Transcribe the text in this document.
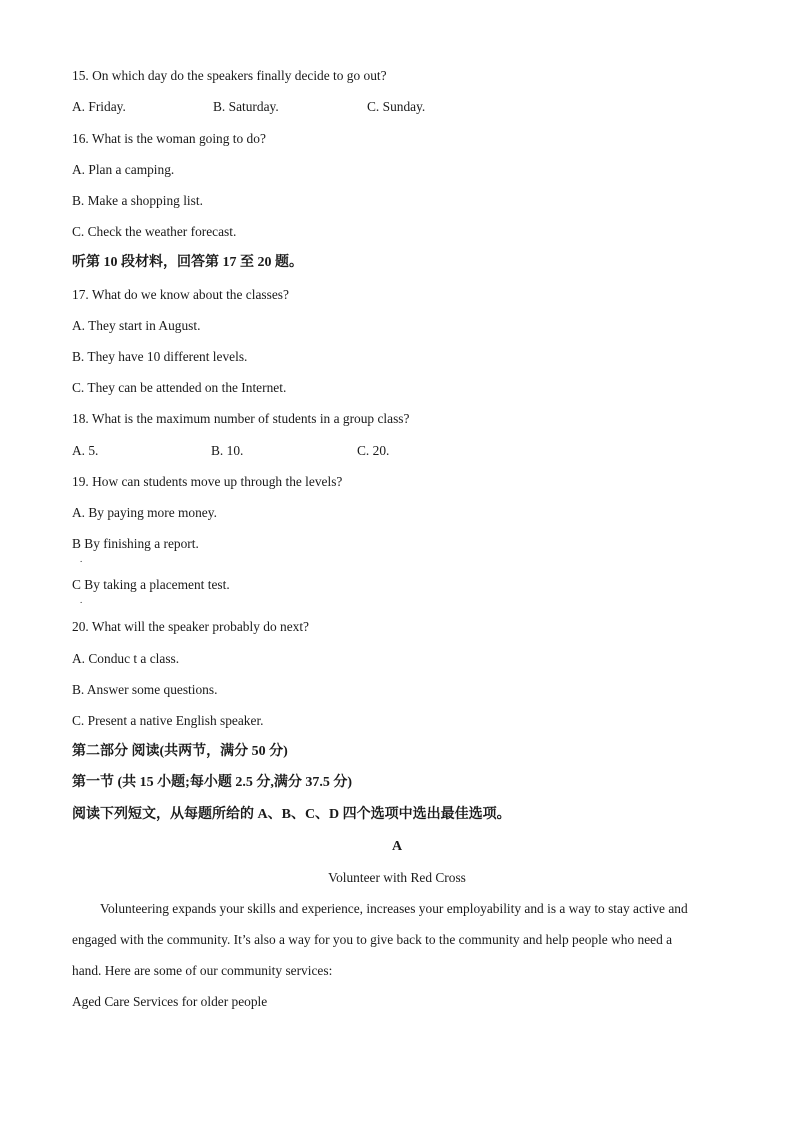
15. On which day do the speakers finally decide to go out?
A. Friday.	B. Saturday.	C. Sunday.
16. What is the woman going to do?
A. Plan a camping.
B. Make a shopping list.
C. Check the weather forecast.
听第 10 段材料，回答第 17 至 20 题。
17. What do we know about the classes?
A. They start in August.
B. They have 10 different levels.
C. They can be attended on the Internet.
18. What is the maximum number of students in a group class?
A. 5.	B. 10.	C. 20.
19. How can students move up through the levels?
A. By paying more money.
B By finishing a report.
.
C By taking a placement test.
.
20. What will the speaker probably do next?
A. Conduc t a class.
B. Answer some questions.
C. Present a native English speaker.
第二部分 阅读(共两节，满分 50 分)
第一节 (共 15 小题;每小题 2.5 分,满分 37.5 分)
阅读下列短文，从每题所给的 A、B、C、D 四个选项中选出最佳选项。
A
Volunteer with Red Cross
Volunteering expands your skills and experience, increases your employability and is a way to stay active and
engaged with the community. It’s also a way for you to give back to the community and help people who need a
hand. Here are some of our community services:
Aged Care Services for older people
